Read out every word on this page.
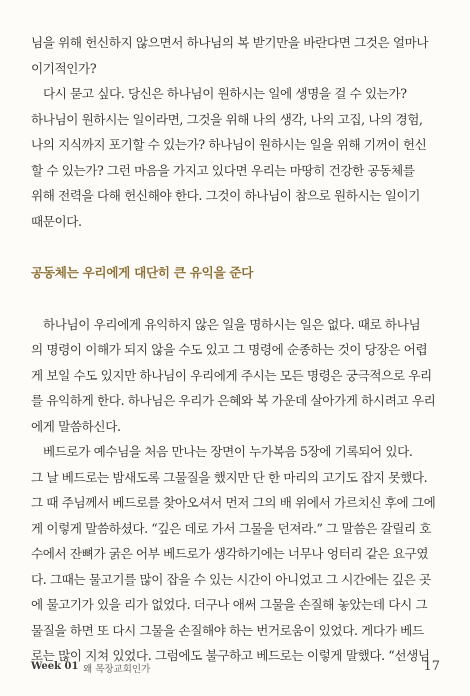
님을 위해 헌신하지 않으면서 하나님의 복 받기만을 바란다면 그것은 얼마나
이기적인가?
다시 묻고 싶다. 당신은 하나님이 원하시는 일에 생명을 걸 수 있는가?
하나님이 원하시는 일이라면, 그것을 위해 나의 생각, 나의 고집, 나의 경험,
나의 지식까지 포기할 수 있는가? 하나님이 원하시는 일을 위해 기꺼이 헌신
할 수 있는가? 그런 마음을 가지고 있다면 우리는 마땅히 건강한 공동체를
위해 전력을 다해 헌신해야 한다. 그것이 하나님이 참으로 원하시는 일이기
때문이다.
공동체는 우리에게 대단히 큰 유익을 준다
하나님이 우리에게 유익하지 않은 일을 명하시는 일은 없다. 때로 하나님
의 명령이 이해가 되지 않을 수도 있고 그 명령에 순종하는 것이 당장은 어렵
게 보일 수도 있지만 하나님이 우리에게 주시는 모든 명령은 궁극적으로 우리
를 유익하게 한다. 하나님은 우리가 은혜와 복 가운데 살아가게 하시려고 우리
에게 말씀하신다.
베드로가 예수님을 처음 만나는 장면이 누가복음 5장에 기록되어 있다.
그 날 베드로는 밤새도록 그물질을 했지만 단 한 마리의 고기도 잡지 못했다.
그 때 주님께서 베드로를 찾아오셔서 먼저 그의 배 위에서 가르치신 후에 그에
게 이렇게 말씀하셨다. “깊은 데로 가서 그물을 던져라.” 그 말씀은 갈릴리 호
수에서 잔뼈가 굵은 어부 베드로가 생각하기에는 너무나 엉터리 같은 요구였
다. 그때는 물고기를 많이 잡을 수 있는 시간이 아니었고 그 시간에는 깊은 곳
에 물고기가 있을 리가 없었다. 더구나 애써 그물을 손질해 놓았는데 다시 그
물질을 하면 또 다시 그물을 손질해야 하는 번거로움이 있었다. 게다가 베드
로는 많이 지쳐 있었다. 그럼에도 불구하고 베드로는 이렇게 말했다. “선생님
Week 01 왜 목장교회인가	17
